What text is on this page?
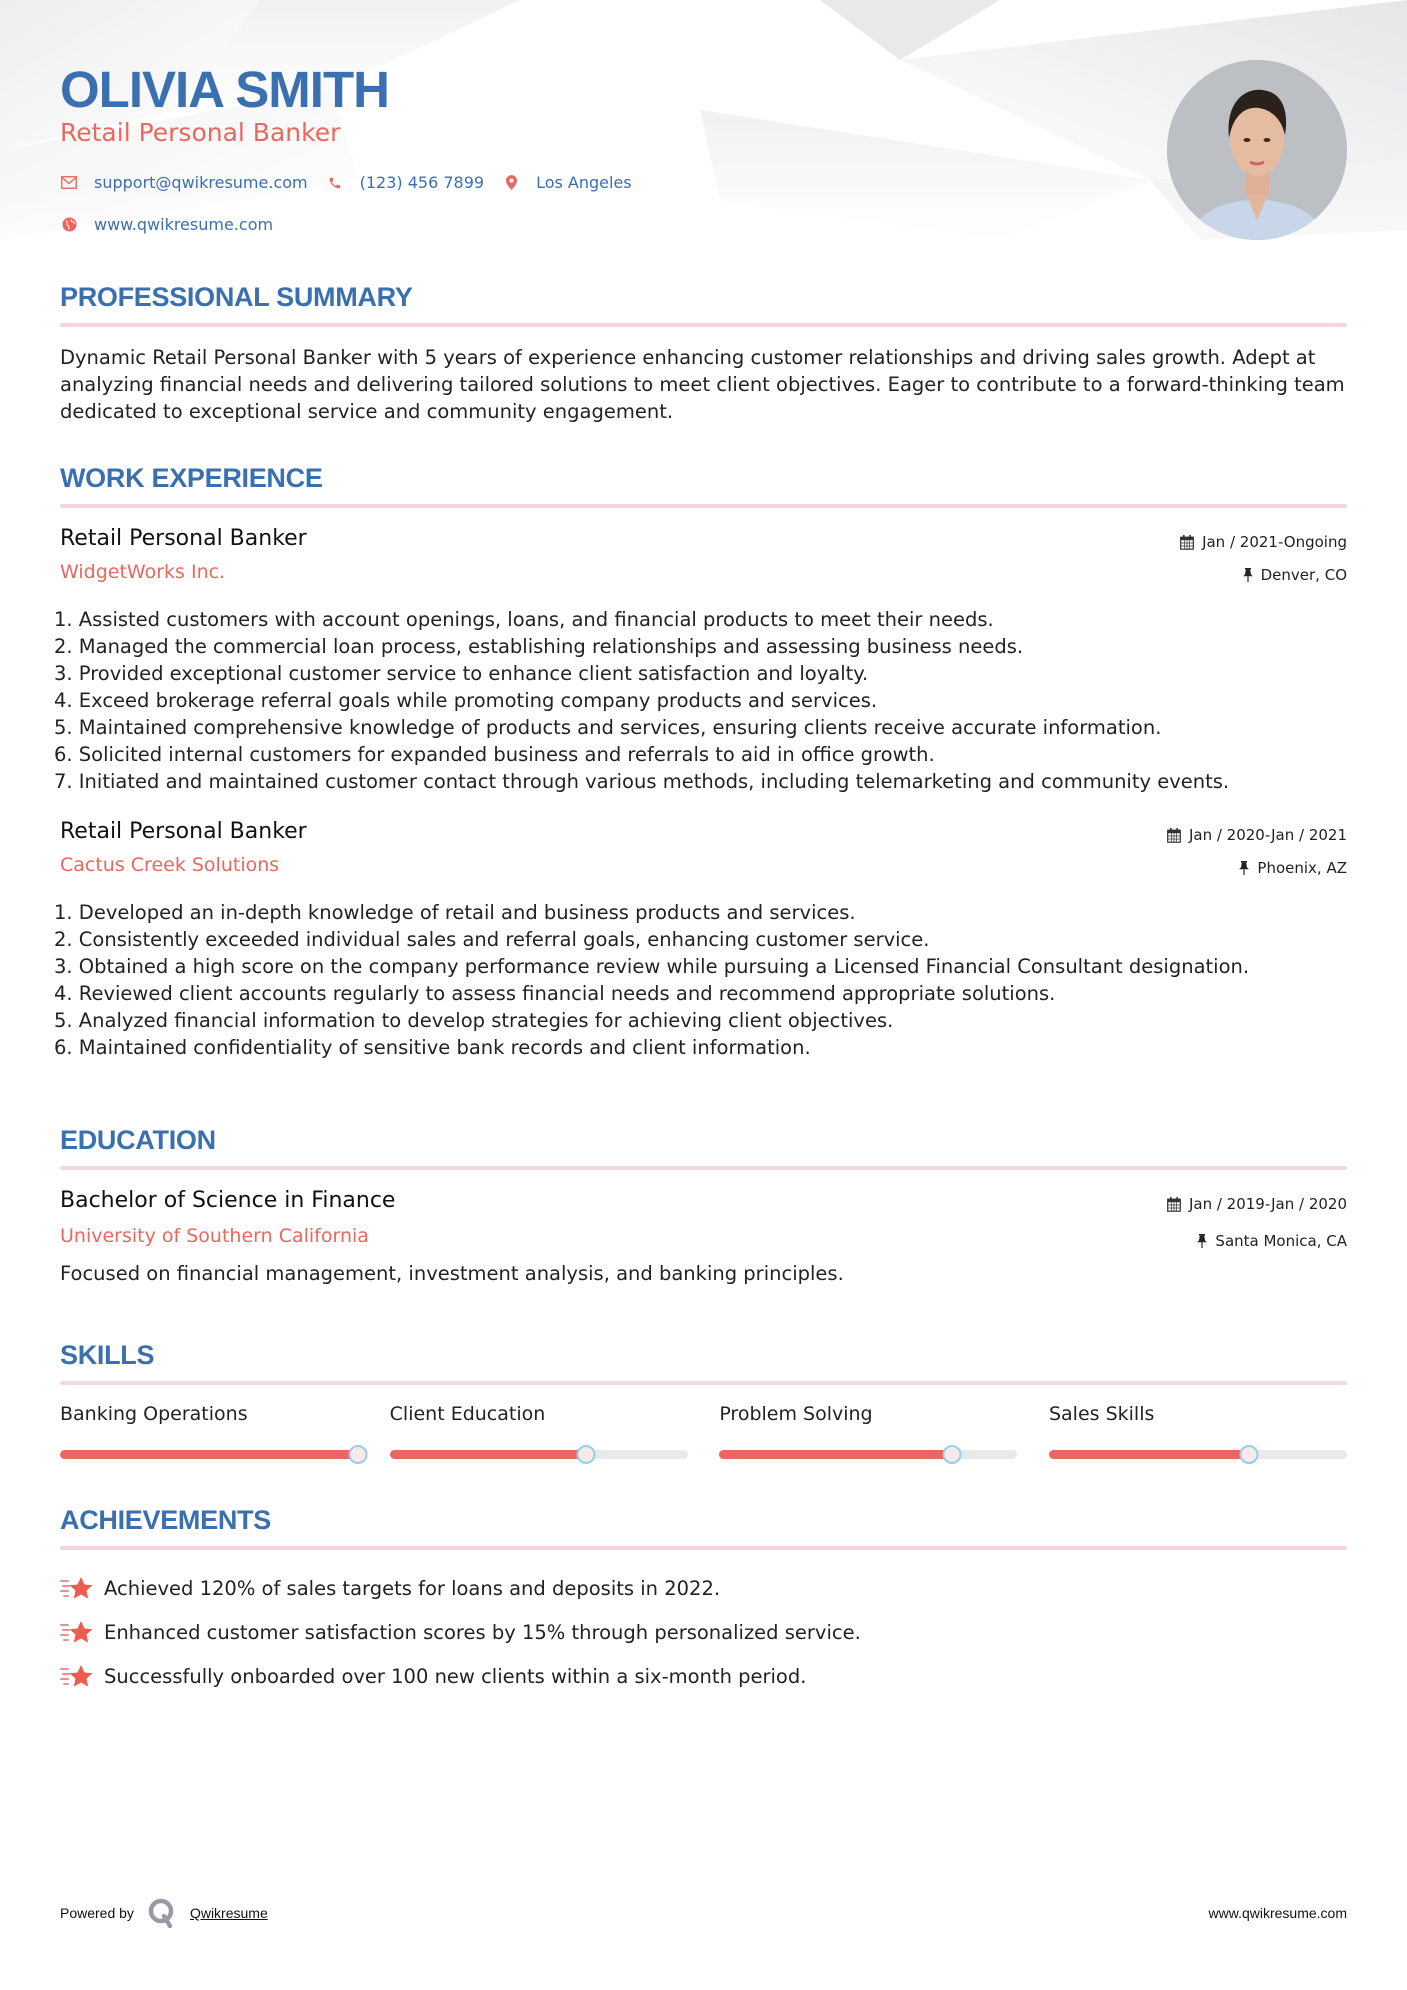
OLIVIA SMITH
Retail Personal Banker
support@qwikresume.com	(123) 456 7899	Los Angeles
www.qwikresume.com
PROFESSIONAL SUMMARY

Dynamic Retail Personal Banker with 5 years of experience enhancing customer relationships and driving sales growth. Adept at analyzing financial needs and delivering tailored solutions to meet client objectives. Eager to contribute to a forward-thinking team dedicated to exceptional service and community engagement.

WORK EXPERIENCE
Retail Personal Banker
WidgetWorks Inc.
Jan / 2021-Ongoing
Denver, CO
1. Assisted customers with account openings, loans, and financial products to meet their needs.
2. Managed the commercial loan process, establishing relationships and assessing business needs.
3. Provided exceptional customer service to enhance client satisfaction and loyalty.
4. Exceed brokerage referral goals while promoting company products and services.
5. Maintained comprehensive knowledge of products and services, ensuring clients receive accurate information.
6. Solicited internal customers for expanded business and referrals to aid in office growth.
7. Initiated and maintained customer contact through various methods, including telemarketing and community events.
Retail Personal Banker
Cactus Creek Solutions
Jan / 2020-Jan / 2021
Phoenix, AZ
1. Developed an in-depth knowledge of retail and business products and services.
2. Consistently exceeded individual sales and referral goals, enhancing customer service.
3. Obtained a high score on the company performance review while pursuing a Licensed Financial Consultant designation.
4. Reviewed client accounts regularly to assess financial needs and recommend appropriate solutions.
5. Analyzed financial information to develop strategies for achieving client objectives.
6. Maintained confidentiality of sensitive bank records and client information.
EDUCATION
Bachelor of Science in Finance
University of Southern California
Jan / 2019-Jan / 2020
Santa Monica, CA

Focused on financial management, investment analysis, and banking principles.

SKILLS
Banking Operations	Client Education	Problem Solving	Sales Skills
ACHIEVEMENTS
Achieved 120% of sales targets for loans and deposits in 2022.
Enhanced customer satisfaction scores by 15% through personalized service.
Successfully onboarded over 100 new clients within a six-month period.
Powered by	Qwikresume	www.qwikresume.com
